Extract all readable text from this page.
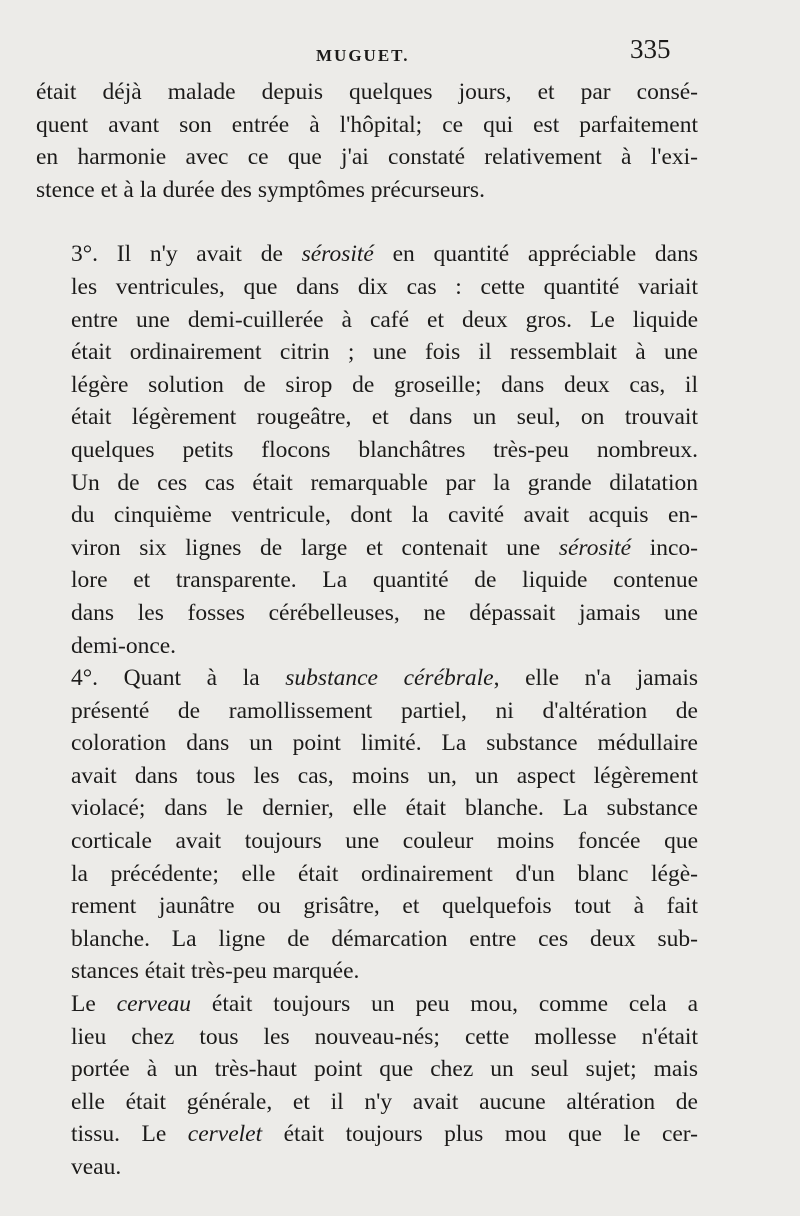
MUGUET.	335

était déjà malade depuis quelques jours, et par consé-
quent avant son entrée à l'hôpital; ce qui est parfaitement
en harmonie avec ce que j'ai constaté relativement à l'exi-
stence et à la durée des symptômes précurseurs.

3°. Il n'y avait de sérosité en quantité appréciable dans
les ventricules, que dans dix cas : cette quantité variait
entre une demi-cuillerée à café et deux gros. Le liquide
était ordinairement citrin ; une fois il ressemblait à une
légère solution de sirop de groseille; dans deux cas, il
était légèrement rougeâtre, et dans un seul, on trouvait
quelques petits flocons blanchâtres très-peu nombreux.
Un de ces cas était remarquable par la grande dilatation
du cinquième ventricule, dont la cavité avait acquis en-
viron six lignes de large et contenait une sérosité inco-
lore et transparente. La quantité de liquide contenue
dans les fosses cérébelleuses, ne dépassait jamais une
demi-once.

4°. Quant à la substance cérébrale, elle n'a jamais
présenté de ramollissement partiel, ni d'altération de
coloration dans un point limité. La substance médullaire
avait dans tous les cas, moins un, un aspect légèrement
violacé; dans le dernier, elle était blanche. La substance
corticale avait toujours une couleur moins foncée que
la précédente; elle était ordinairement d'un blanc légè-
rement jaunâtre ou grisâtre, et quelquefois tout à fait
blanche. La ligne de démarcation entre ces deux sub-
stances était très-peu marquée.

Le cerveau était toujours un peu mou, comme cela a
lieu chez tous les nouveau-nés; cette mollesse n'était
portée à un très-haut point que chez un seul sujet; mais
elle était générale, et il n'y avait aucune altération de
tissu. Le cervelet était toujours plus mou que le cer-
veau.
